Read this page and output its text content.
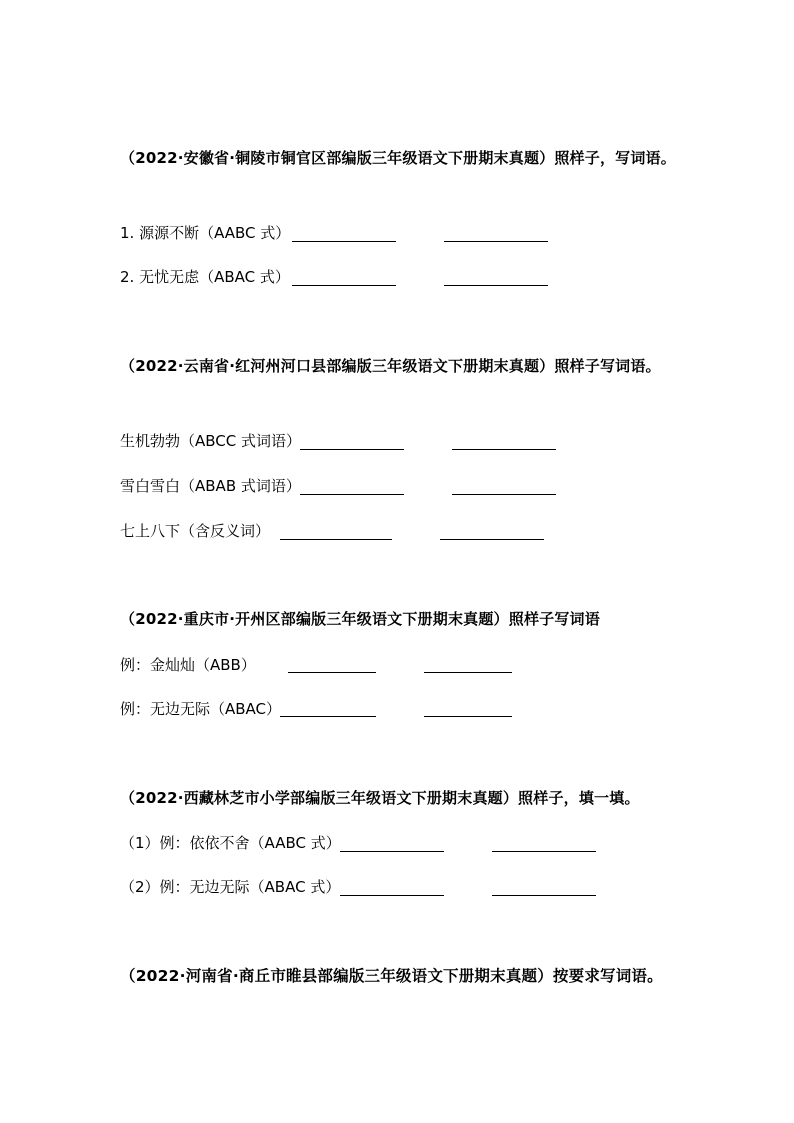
（2022·安徽省·铜陵市铜官区部编版三年级语文下册期末真题）照样子，写词语。
1. 源源不断（AABC 式）
2. 无忧无虑（ABAC 式）
（2022·云南省·红河州河口县部编版三年级语文下册期末真题）照样子写词语。
生机勃勃（ABCC 式词语）
雪白雪白（ABAB 式词语）
七上八下（含反义词）
（2022·重庆市·开州区部编版三年级语文下册期末真题）照样子写词语
例：金灿灿（ABB）
例：无边无际（ABAC）
（2022·西藏林芝市小学部编版三年级语文下册期末真题）照样子，填一填。
（1）例：依依不舍（AABC 式）
（2）例：无边无际（ABAC 式）
（2022·河南省·商丘市睢县部编版三年级语文下册期末真题）按要求写词语。
